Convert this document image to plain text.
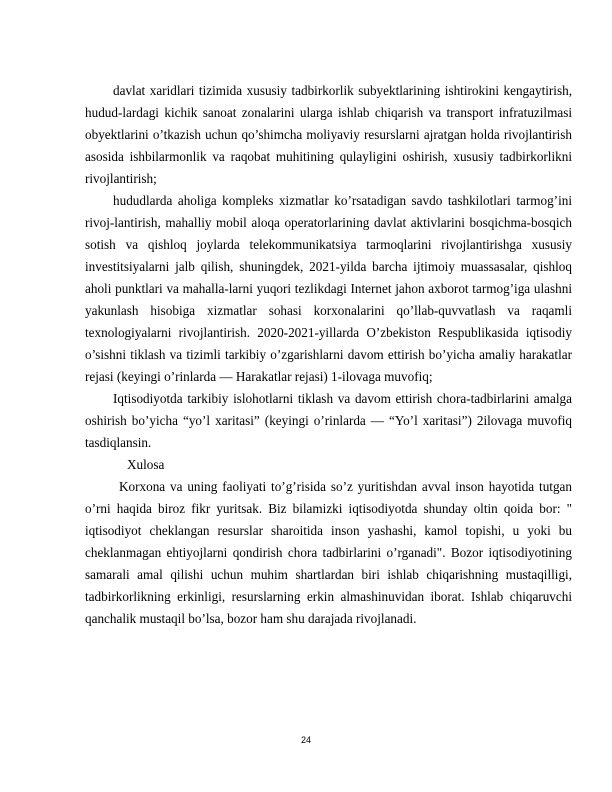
davlat xaridlari tizimida xususiy tadbirkorlik subyektlarining ishtirokini kengaytirish, hudud-lardagi kichik sanoat zonalarini ularga ishlab chiqarish va transport infratuzilmasi obyektlarini o’tkazish uchun qo’shimcha moliyaviy resurslarni ajratgan holda rivojlantirish asosida ishbilarmonlik va raqobat muhitining qulayligini oshirish, xususiy tadbirkorlikni rivojlantirish;

hududlarda aholiga kompleks xizmatlar ko’rsatadigan savdo tashkilotlari tarmog’ini rivoj-lantirish, mahalliy mobil aloqa operatorlarining davlat aktivlarini bosqichma-bosqich sotish va qishloq joylarda telekommunikatsiya tarmoqlarini rivojlantirishga xususiy investitsiyalarni jalb qilish, shuningdek, 2021-yilda barcha ijtimoiy muassasalar, qishloq aholi punktlari va mahalla-larni yuqori tezlikdagi Internet jahon axborot tarmog’iga ulashni yakunlash hisobiga xizmatlar sohasi korxonalarini qo’llab-quvvatlash va raqamli texnologiyalarni rivojlantirish. 2020-2021-yillarda O’zbekiston Respublikasida iqtisodiy o’sishni tiklash va tizimli tarkibiy o’zgarishlarni davom ettirish bo’yicha amaliy harakatlar rejasi (keyingi o’rinlarda — Harakatlar rejasi) 1-ilovaga muvofiq;

Iqtisodiyotda tarkibiy islohotlarni tiklash va davom ettirish chora-tadbirlarini amalga oshirish bo’yicha “yo’l xaritasi” (keyingi o’rinlarda — “Yo’l xaritasi”) 2ilovaga muvofiq tasdiqlansin.

Xulosa

Korxona va uning faoliyati to’g’risida so’z yuritishdan avval inson hayotida tutgan o’rni haqida biroz fikr yuritsak. Biz bilamizki iqtisodiyotda shunday oltin qoida bor: " iqtisodiyot cheklangan resurslar sharoitida inson yashashi, kamol topishi, u yoki bu cheklanmagan ehtiyojlarni qondirish chora tadbirlarini o’rganadi". Bozor iqtisodiyotining samarali amal qilishi uchun muhim shartlardan biri ishlab chiqarishning mustaqilligi, tadbirkorlikning erkinligi, resurslarning erkin almashinuvidan iborat. Ishlab chiqaruvchi qanchalik mustaqil bo’lsa, bozor ham shu darajada rivojlanadi.

24
